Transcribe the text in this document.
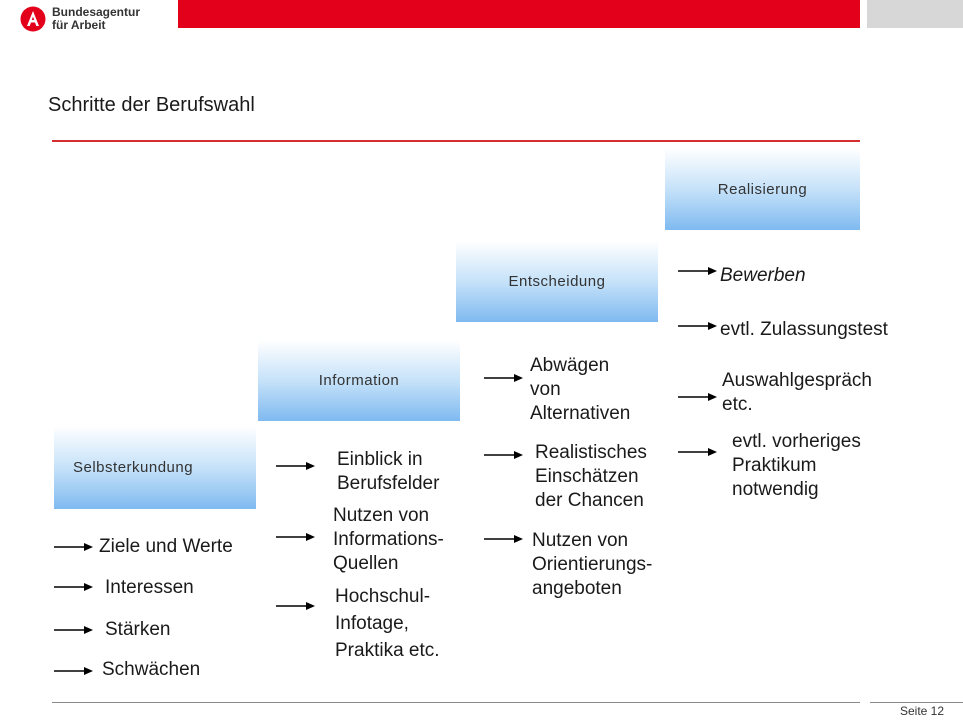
Bundesagentur
für Arbeit
Schritte der Berufswahl
Selbsterkundung
Information
Entscheidung
Realisierung
Ziele und Werte
Interessen
Stärken
Schwächen
Einblick in
Berufsfelder
Nutzen von
Informations-
Quellen
Hochschul-
Infotage,
Praktika etc.
Abwägen
von
Alternativen
Realistisches
Einschätzen
der Chancen
Nutzen von
Orientierungs-
angeboten
Bewerben
evtl. Zulassungstest
Auswahlgespräch
etc.
evtl. vorheriges
Praktikum
notwendig
Seite 12
